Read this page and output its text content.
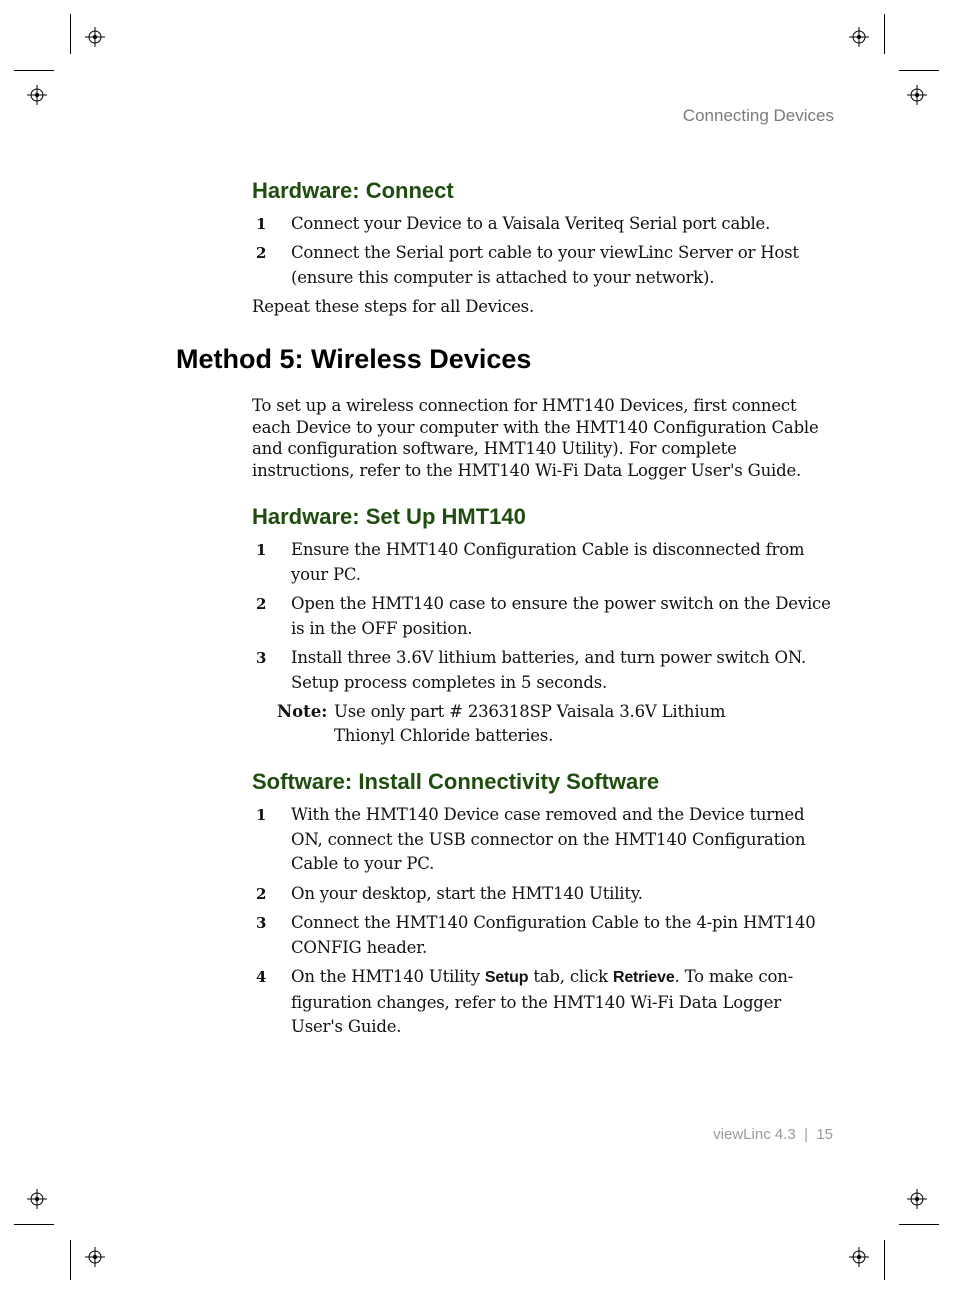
Connecting Devices
Hardware: Connect
1 Connect your Device to a Vaisala Veriteq Serial port cable.
2 Connect the Serial port cable to your viewLinc Server or Host (ensure this computer is attached to your network).

Repeat these steps for all Devices.

Method 5: Wireless Devices

To set up a wireless connection for HMT140 Devices, first connect each Device to your computer with the HMT140 Configuration Cable and configuration software, HMT140 Utility). For complete instructions, refer to the HMT140 Wi-Fi Data Logger User's Guide.

Hardware: Set Up HMT140
1 Ensure the HMT140 Configuration Cable is disconnected from your PC.
2 Open the HMT140 case to ensure the power switch on the Device is in the OFF position.
3 Install three 3.6V lithium batteries, and turn power switch ON. Setup process completes in 5 seconds.
Note: Use only part # 236318SP Vaisala 3.6V Lithium Thionyl Chloride batteries.
Software: Install Connectivity Software
1 With the HMT140 Device case removed and the Device turned ON, connect the USB connector on the HMT140 Configuration Cable to your PC.
2 On your desktop, start the HMT140 Utility.
3 Connect the HMT140 Configuration Cable to the 4-pin HMT140 CONFIG header.
4 On the HMT140 Utility Setup tab, click Retrieve. To make con-figuration changes, refer to the HMT140 Wi-Fi Data Logger User's Guide.
viewLinc 4.3 | 15
